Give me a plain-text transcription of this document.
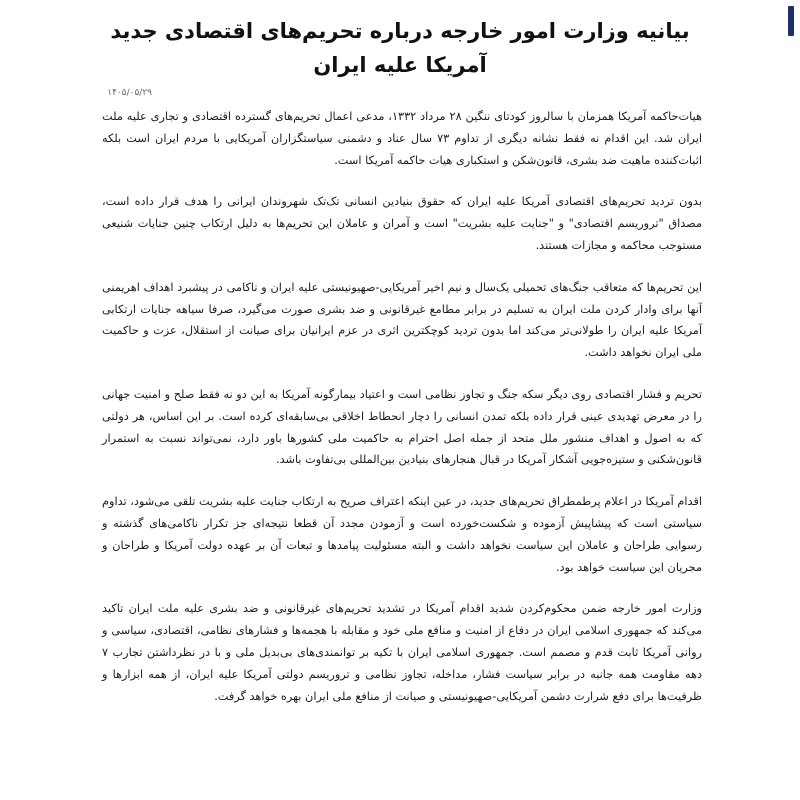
بیانیه وزارت امور خارجه درباره تحریم‌های اقتصادی جدید
آمریکا علیه ایران
۱۴۰۵/۰۵/۲۹

هیات‌حاکمه آمریکا همزمان با سالروز کودتای ننگین ۲۸ مرداد ۱۳۳۲، مدعی اعمال تحریم‌های گسترده اقتصادی و تجاری علیه ملت ایران شد. این اقدام نه فقط نشانه دیگری از تداوم ۷۳ سال عناد و دشمنی سیاستگزاران آمریکایی با مردم ایران است بلکه اثبات‌کننده ماهیت ضد بشری، قانون‌شکن و استکباری هیات حاکمه آمریکا است.

بدون تردید تحریم‌های اقتصادی آمریکا علیه ایران که حقوق بنیادین انسانی تک‌تک شهروندان ایرانی را هدف قرار داده است، مصداق "تروریسم اقتصادی" و "جنایت علیه بشریت" است و آمران و عاملان این تحریم‌ها به دلیل ارتکاب چنین جنایات شنیعی مستوجب محاکمه و مجازات هستند.

این تحریم‌ها که متعاقب جنگ‌های تحمیلی یک‌سال و نیم اخیر آمریکایی-صهیونیستی علیه ایران و ناکامی در پیشبرد اهداف اهریمنی آنها برای وادار کردن ملت ایران به تسلیم در برابر مطامع غیرقانونی و ضد بشری صورت می‌گیرد، صرفا سیاهه جنایات ارتکابی آمریکا علیه ایران را طولانی‌تر می‌کند اما بدون تردید کوچکترین اثری در عزم ایرانیان برای صیانت از استقلال، عزت و حاکمیت ملی ایران نخواهد داشت.

تحریم و فشار اقتصادی روی دیگر سکه جنگ و تجاوز نظامی است و اعتیاد بیمارگونه آمریکا به این دو نه فقط صلح و امنیت جهانی را در معرض تهدیدی عینی قرار داده بلکه تمدن انسانی را دچار انحطاط اخلاقی بی‌سابقه‌ای کرده است. بر این اساس، هر دولتی که به اصول و اهداف منشور ملل متحد از جمله اصل احترام به حاکمیت ملی کشورها باور دارد، نمی‌تواند نسبت به استمرار قانون‌شکنی و ستیزه‌جویی آشکار آمریکا در قبال هنجارهای بنیادین بین‌المللی بی‌تفاوت باشد.

اقدام آمریکا در اعلام پرطمطراق تحریم‌های جدید، در عین اینکه اعتراف صریح به ارتکاب جنایت علیه بشریت تلقی می‌شود، تداوم سیاستی است که پیشاپیش آزموده و شکست‌خورده است و آزمودن مجدد آن قطعا نتیجه‌ای جز تکرار ناکامی‌های گذشته و رسوایی طراحان و عاملان این سیاست نخواهد داشت و البته مسئولیت پیامدها و تبعات آن بر عهده دولت آمریکا و طراحان و مجریان این سیاست خواهد بود.

وزارت امور خارجه ضمن محکوم‌کردن شدید اقدام آمریکا در تشدید تحریم‌های غیرقانونی و ضد بشری علیه ملت ایران تاکید می‌کند که جمهوری اسلامی ایران در دفاع از امنیت و منافع ملی خود و مقابله با هجمه‌ها و فشارهای نظامی، اقتصادی، سیاسی و روانی آمریکا ثابت قدم و مصمم است. جمهوری اسلامی ایران با تکیه بر توانمندی‌های بی‌بدیل ملی و با در نظرداشتن تجارب ۷ دهه مقاومت همه جانبه در برابر سیاست فشار، مداخله، تجاوز نظامی و تروریسم دولتی آمریکا علیه ایران، از همه ابزارها و ظرفیت‌ها برای دفع شرارت دشمن آمریکایی-صهیونیستی و صیانت از منافع ملی ایران بهره خواهد گرفت.
